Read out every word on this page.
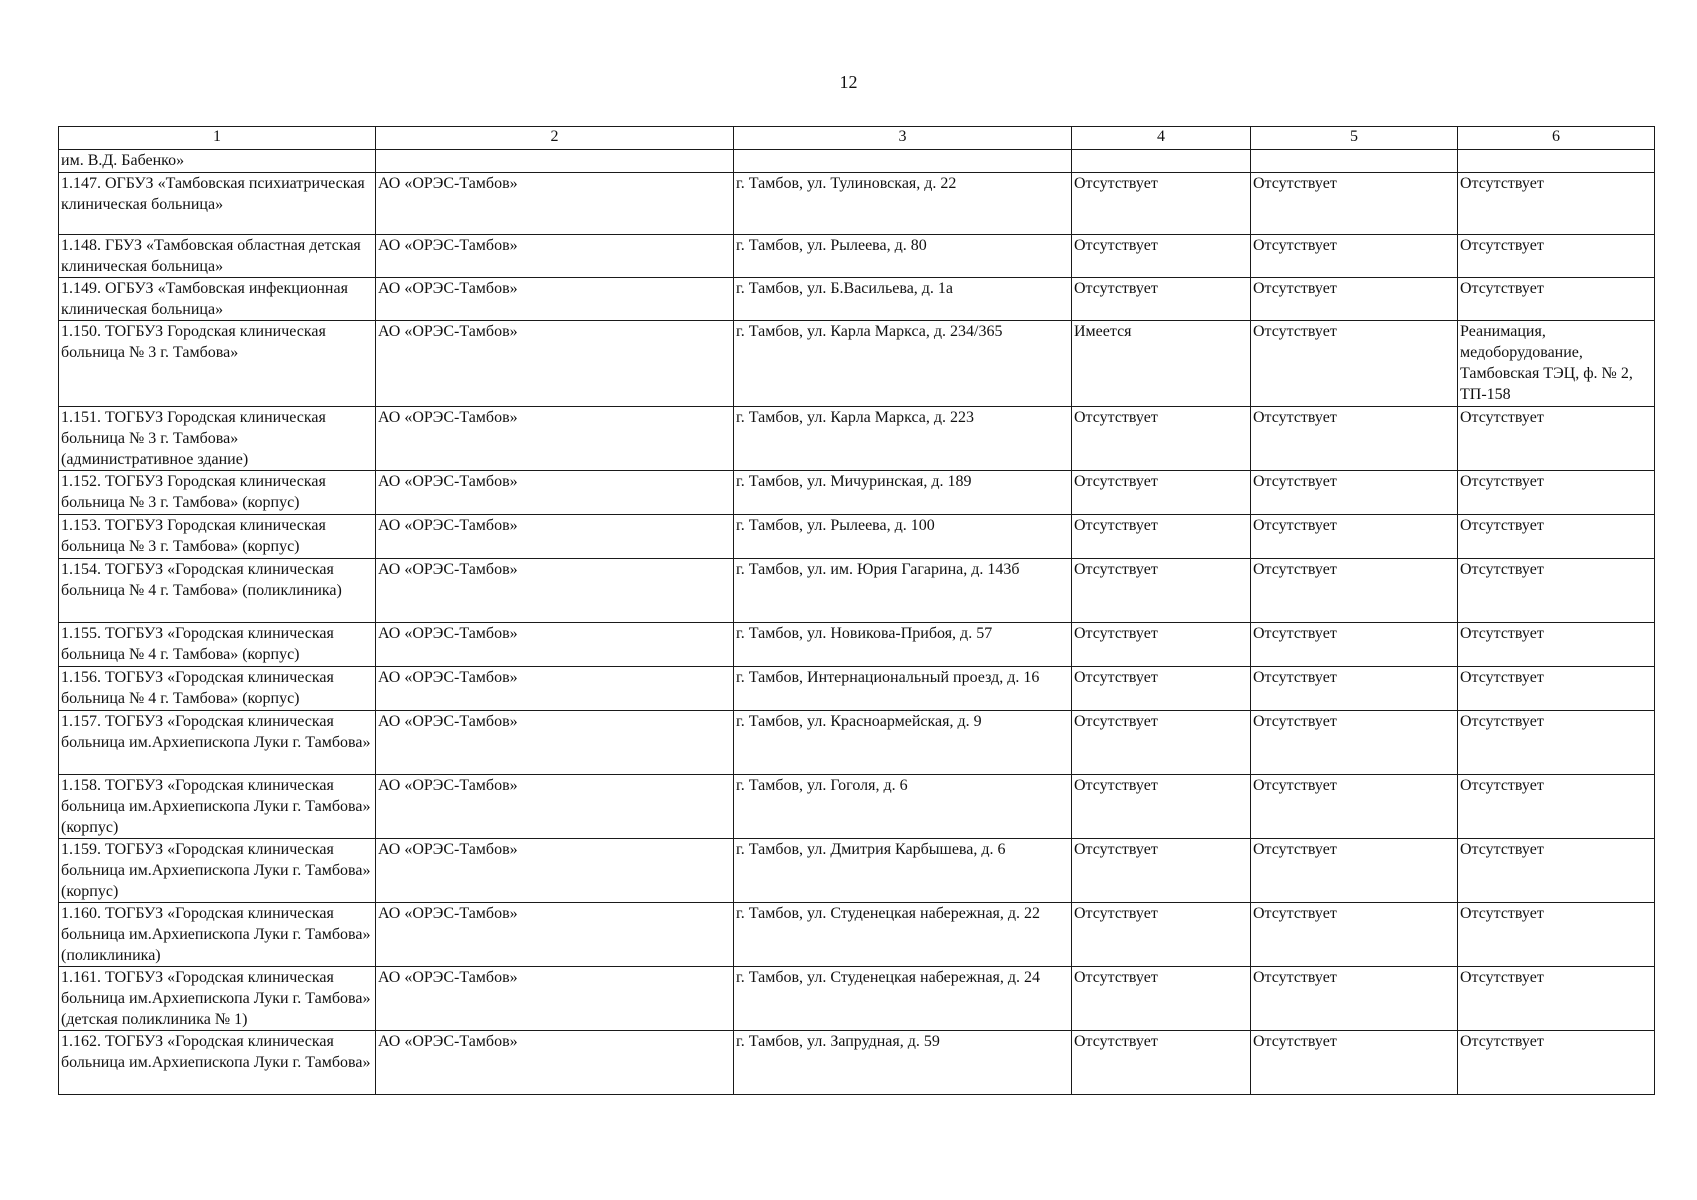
12
1	2	3	4	5	6
им. В.Д. Бабенко»					
1.147. ОГБУЗ «Тамбовская психиатрическая клиническая больница»	АО «ОРЭС-Тамбов»	г. Тамбов, ул. Тулиновская, д. 22	Отсутствует	Отсутствует	Отсутствует
1.148. ГБУЗ «Тамбовская областная детская клиническая больница»	АО «ОРЭС-Тамбов»	г. Тамбов, ул. Рылеева, д. 80	Отсутствует	Отсутствует	Отсутствует
1.149. ОГБУЗ «Тамбовская инфекционная клиническая больница»	АО «ОРЭС-Тамбов»	г. Тамбов, ул. Б.Васильева, д. 1а	Отсутствует	Отсутствует	Отсутствует
1.150. ТОГБУЗ Городская клиническая больница № 3 г. Тамбова»	АО «ОРЭС-Тамбов»	г. Тамбов, ул. Карла Маркса, д. 234/365	Имеется	Отсутствует	Реанимация, медоборудование, Тамбовская ТЭЦ, ф. № 2, ТП-158
1.151. ТОГБУЗ Городская клиническая больница № 3 г. Тамбова» (административное здание)	АО «ОРЭС-Тамбов»	г. Тамбов, ул. Карла Маркса, д. 223	Отсутствует	Отсутствует	Отсутствует
1.152. ТОГБУЗ Городская клиническая больница № 3 г. Тамбова» (корпус)	АО «ОРЭС-Тамбов»	г. Тамбов, ул. Мичуринская, д. 189	Отсутствует	Отсутствует	Отсутствует
1.153. ТОГБУЗ Городская клиническая больница № 3 г. Тамбова» (корпус)	АО «ОРЭС-Тамбов»	г. Тамбов, ул. Рылеева, д. 100	Отсутствует	Отсутствует	Отсутствует
1.154. ТОГБУЗ «Городская клиническая больница № 4 г. Тамбова» (поликлиника)	АО «ОРЭС-Тамбов»	г. Тамбов, ул. им. Юрия Гагарина, д. 143б	Отсутствует	Отсутствует	Отсутствует
1.155. ТОГБУЗ «Городская клиническая больница № 4 г. Тамбова» (корпус)	АО «ОРЭС-Тамбов»	г. Тамбов, ул. Новикова-Прибоя, д. 57	Отсутствует	Отсутствует	Отсутствует
1.156. ТОГБУЗ «Городская клиническая больница № 4 г. Тамбова» (корпус)	АО «ОРЭС-Тамбов»	г. Тамбов, Интернациональный проезд, д. 16	Отсутствует	Отсутствует	Отсутствует
1.157. ТОГБУЗ «Городская клиническая больница им.Архиепископа Луки г. Тамбова»	АО «ОРЭС-Тамбов»	г. Тамбов, ул. Красноармейская, д. 9	Отсутствует	Отсутствует	Отсутствует
1.158. ТОГБУЗ «Городская клиническая больница им.Архиепископа Луки г. Тамбова» (корпус)	АО «ОРЭС-Тамбов»	г. Тамбов, ул. Гоголя, д. 6	Отсутствует	Отсутствует	Отсутствует
1.159. ТОГБУЗ «Городская клиническая больница им.Архиепископа Луки г. Тамбова» (корпус)	АО «ОРЭС-Тамбов»	г. Тамбов, ул. Дмитрия Карбышева, д. 6	Отсутствует	Отсутствует	Отсутствует
1.160. ТОГБУЗ «Городская клиническая больница им.Архиепископа Луки г. Тамбова» (поликлиника)	АО «ОРЭС-Тамбов»	г. Тамбов, ул. Студенецкая набережная, д. 22	Отсутствует	Отсутствует	Отсутствует
1.161. ТОГБУЗ «Городская клиническая больница им.Архиепископа Луки г. Тамбова» (детская поликлиника № 1)	АО «ОРЭС-Тамбов»	г. Тамбов, ул. Студенецкая набережная, д. 24	Отсутствует	Отсутствует	Отсутствует
1.162. ТОГБУЗ «Городская клиническая больница им.Архиепископа Луки г. Тамбова»	АО «ОРЭС-Тамбов»	г. Тамбов, ул. Запрудная, д. 59	Отсутствует	Отсутствует	Отсутствует
